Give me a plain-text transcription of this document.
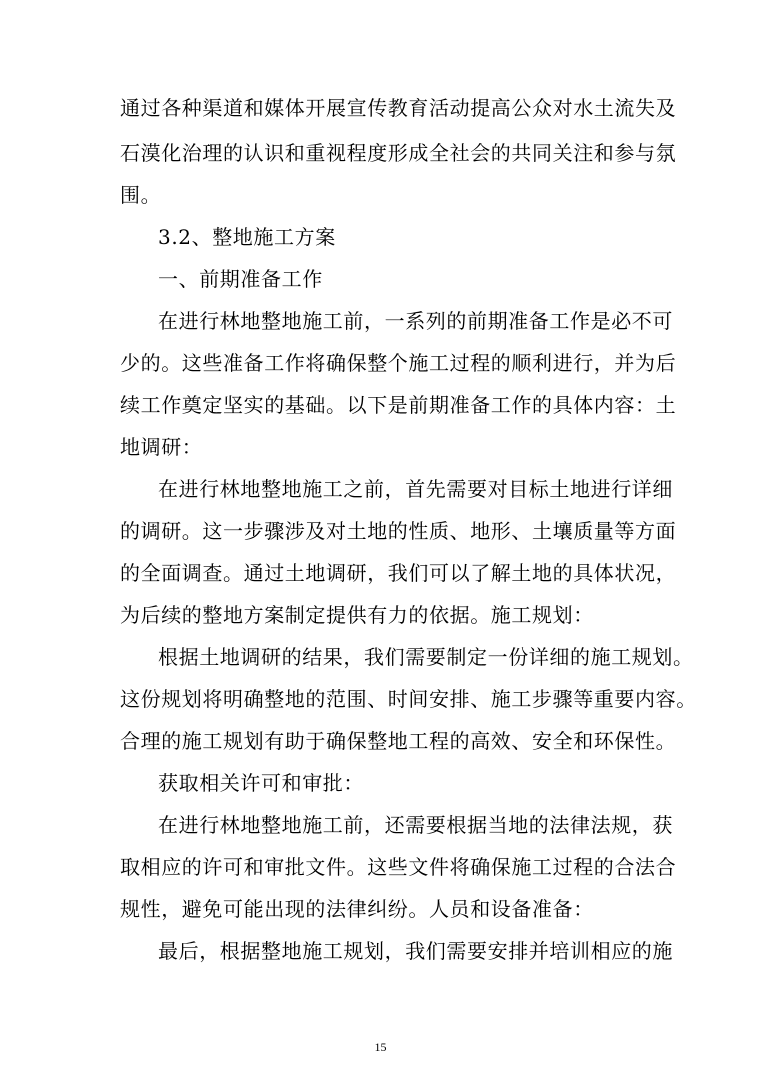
通过各种渠道和媒体开展宣传教育活动提高公众对水土流失及
石漠化治理的认识和重视程度形成全社会的共同关注和参与氛
围。
3.2、整地施工方案
一、前期准备工作
在进行林地整地施工前，一系列的前期准备工作是必不可
少的。这些准备工作将确保整个施工过程的顺利进行，并为后
续工作奠定坚实的基础。以下是前期准备工作的具体内容：土
地调研：
在进行林地整地施工之前，首先需要对目标土地进行详细
的调研。这一步骤涉及对土地的性质、地形、土壤质量等方面
的全面调查。通过土地调研，我们可以了解土地的具体状况，
为后续的整地方案制定提供有力的依据。施工规划：
根据土地调研的结果，我们需要制定一份详细的施工规划。
这份规划将明确整地的范围、时间安排、施工步骤等重要内容。
合理的施工规划有助于确保整地工程的高效、安全和环保性。
获取相关许可和审批：
在进行林地整地施工前，还需要根据当地的法律法规，获
取相应的许可和审批文件。这些文件将确保施工过程的合法合
规性，避免可能出现的法律纠纷。人员和设备准备：
最后，根据整地施工规划，我们需要安排并培训相应的施
15
